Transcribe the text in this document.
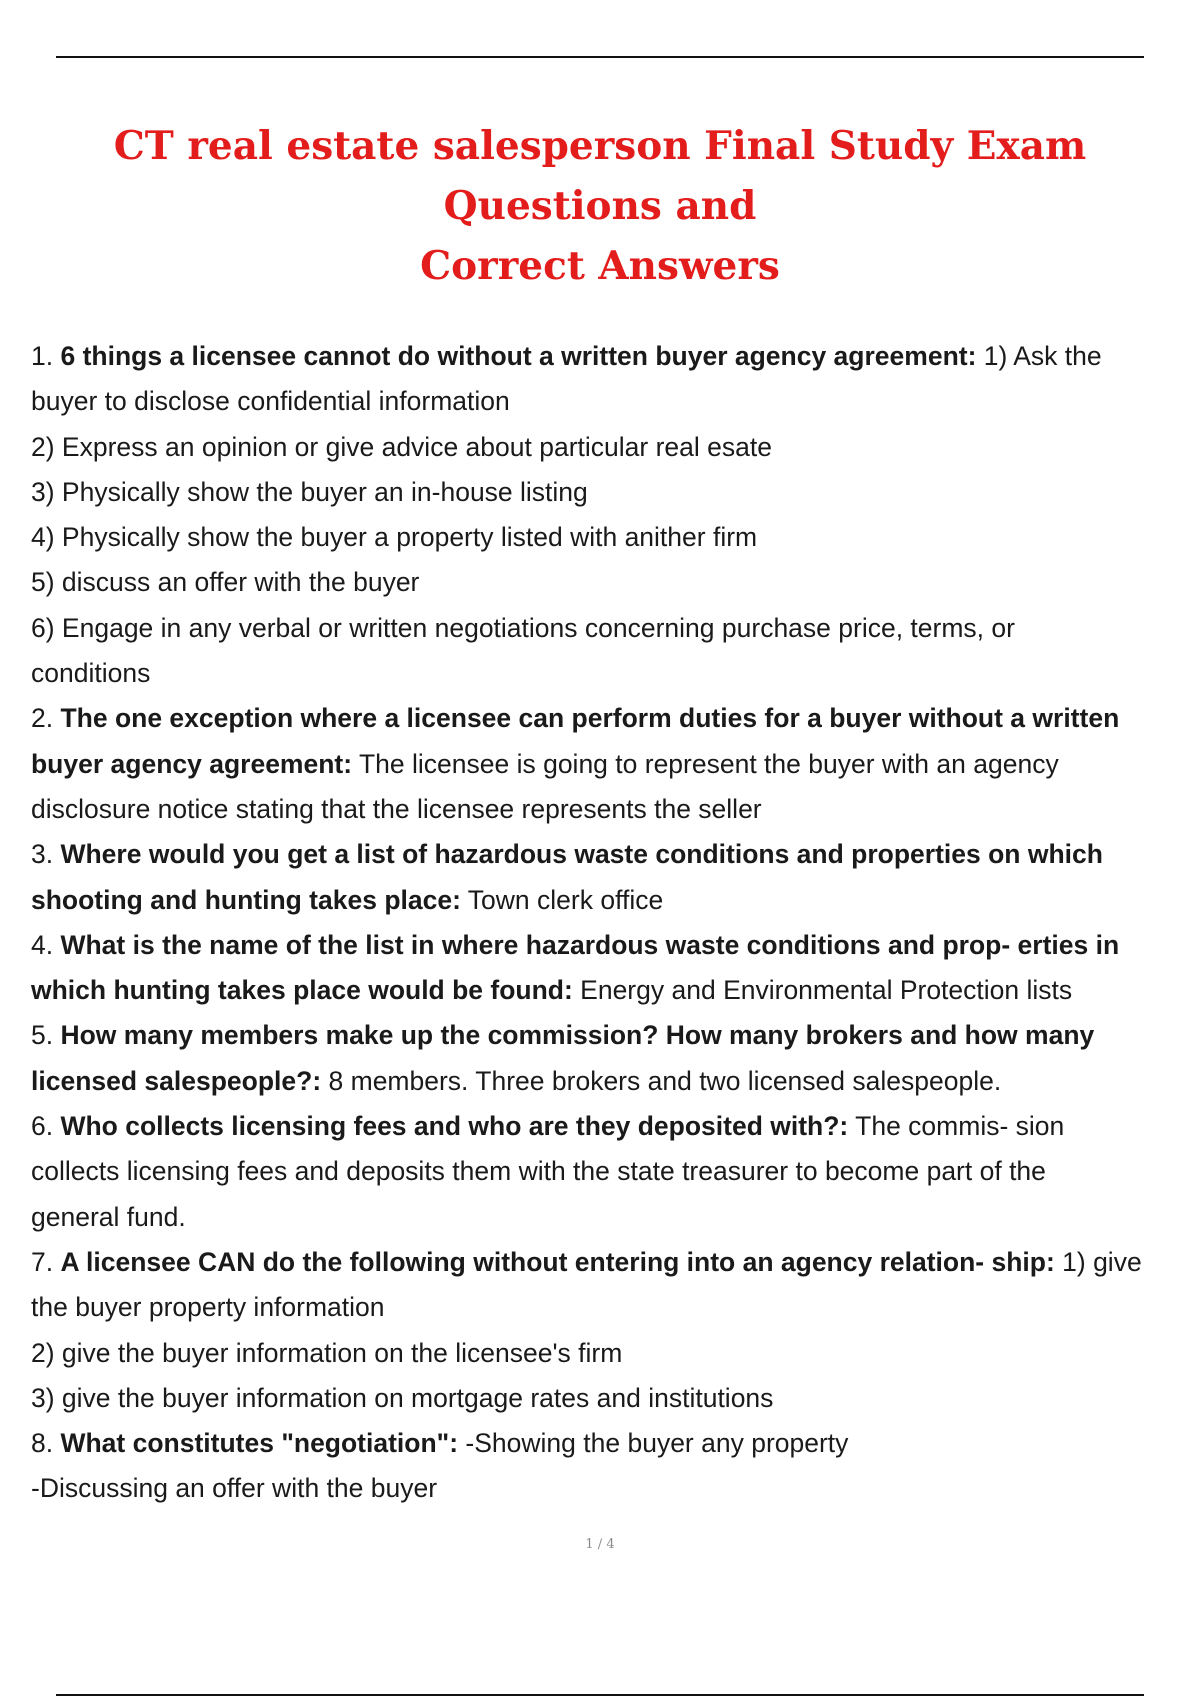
CT real estate salesperson Final Study Exam Questions and
Correct Answers
1. 6 things a licensee cannot do without a written buyer agency agreement: 1) Ask the
buyer to disclose confidential information
2) Express an opinion or give advice about particular real esate
3) Physically show the buyer an in-house listing
4) Physically show the buyer a property listed with anither firm
5) discuss an offer with the buyer
6) Engage in any verbal or written negotiations concerning purchase price, terms, or
conditions
2. The one exception where a licensee can perform duties for a buyer without a written
buyer agency agreement: The licensee is going to represent the buyer with an agency
disclosure notice stating that the licensee represents the seller
3. Where would you get a list of hazardous waste conditions and properties on which
shooting and hunting takes place: Town clerk office
4. What is the name of the list in where hazardous waste conditions and prop- erties in
which hunting takes place would be found: Energy and Environmental Protection lists
5. How many members make up the commission? How many brokers and how many
licensed salespeople?: 8 members. Three brokers and two licensed salespeople.
6. Who collects licensing fees and who are they deposited with?: The commis- sion
collects licensing fees and deposits them with the state treasurer to become part of the
general fund.
7. A licensee CAN do the following without entering into an agency relation- ship: 1) give
the buyer property information
2) give the buyer information on the licensee's firm
3) give the buyer information on mortgage rates and institutions
8. What constitutes "negotiation": -Showing the buyer any property
-Discussing an offer with the buyer
1 / 4
